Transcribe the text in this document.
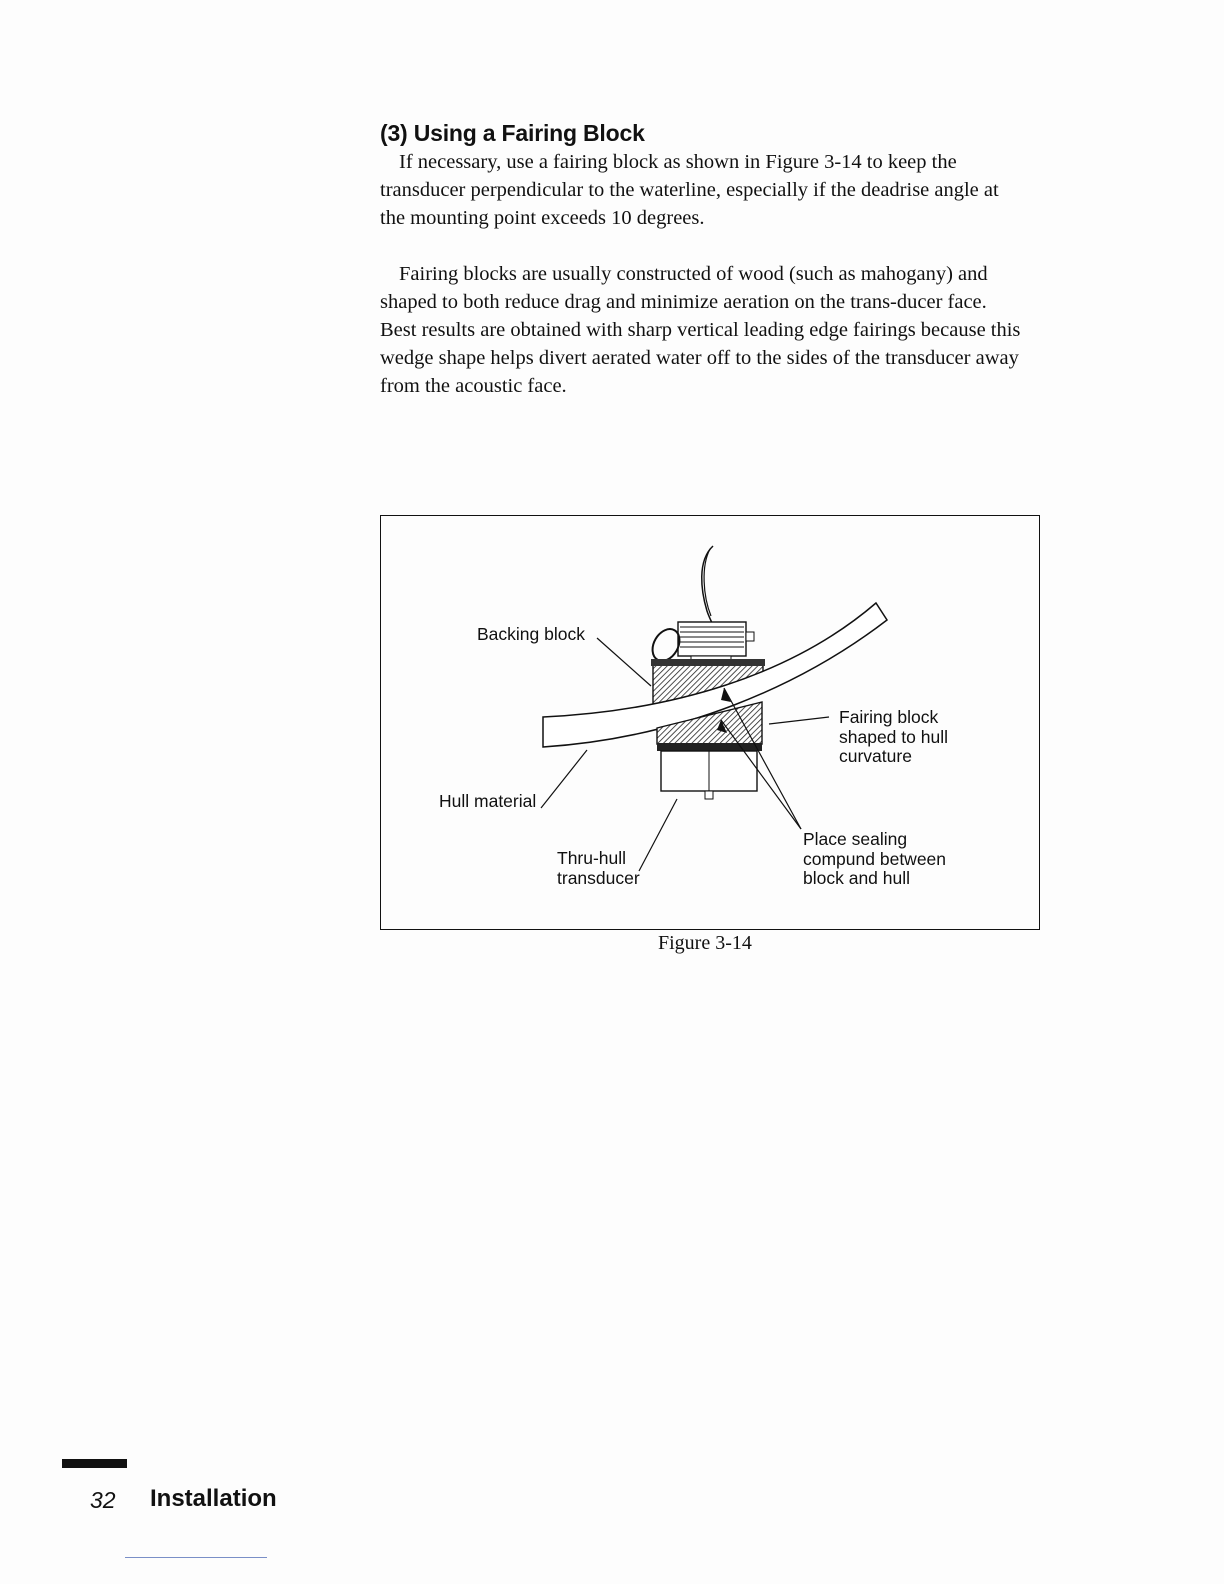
(3) Using a Fairing Block

If necessary, use a fairing block as shown in Figure 3-14 to keep the transducer perpendicular to the waterline, especially if the deadrise angle at the mounting point exceeds 10 degrees.

Fairing blocks are usually constructed of wood (such as mahogany) and shaped to both reduce drag and minimize aeration on the trans-ducer face. Best results are obtained with sharp vertical leading edge fairings because this wedge shape helps divert aerated water off to the sides of the transducer away from the acoustic face.

Backing block

Fairing block
shaped to hull
curvature

Hull material

Thru-hull
transducer

Place sealing
compund between
block and hull

Figure 3-14

32 Installation
